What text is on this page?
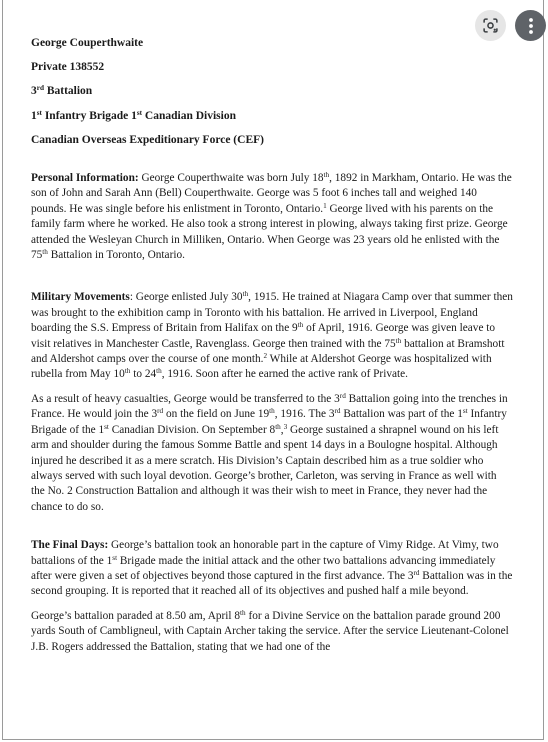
George Couperthwaite

Private 138552

3rd Battalion

1st Infantry Brigade 1st Canadian Division

Canadian Overseas Expeditionary Force (CEF)

Personal Information: George Couperthwaite was born July 18th, 1892 in Markham, Ontario. He was the son of John and Sarah Ann (Bell) Couperthwaite. George was 5 foot 6 inches tall and weighed 140 pounds. He was single before his enlistment in Toronto, Ontario.$^1$ George lived with his parents on the family farm where he worked. He also took a strong interest in plowing, always taking first prize. George attended the Wesleyan Church in Milliken, Ontario. When George was 23 years old he enlisted with the 75th Battalion in Toronto, Ontario.

Military Movements: George enlisted July 30th, 1915. He trained at Niagara Camp over that summer then was brought to the exhibition camp in Toronto with his battalion. He arrived in Liverpool, England boarding the S.S. Empress of Britain from Halifax on the 9th of April, 1916. George was given leave to visit relatives in Manchester Castle, Ravenglass. George then trained with the 75th battalion at Bramshott and Aldershot camps over the course of one month.$^2$ While at Aldershot George was hospitalized with rubella from May 10th to 24th, 1916. Soon after he earned the active rank of Private.

As a result of heavy casualties, George would be transferred to the 3rd Battalion going into the trenches in France. He would join the 3rd on the field on June 19th, 1916. The 3rd Battalion was part of the 1st Infantry Brigade of the 1st Canadian Division. On September 8th,$^3$ George sustained a shrapnel wound on his left arm and shoulder during the famous Somme Battle and spent 14 days in a Boulogne hospital. Although injured he described it as a mere scratch. His Division’s Captain described him as a true soldier who always served with such loyal devotion. George’s brother, Carleton, was serving in France as well with the No. 2 Construction Battalion and although it was their wish to meet in France, they never had the chance to do so.

The Final Days: George’s battalion took an honorable part in the capture of Vimy Ridge. At Vimy, two battalions of the 1st Brigade made the initial attack and the other two battalions advancing immediately after were given a set of objectives beyond those captured in the first advance. The 3rd Battalion was in the second grouping. It is reported that it reached all of its objectives and pushed half a mile beyond.

George’s battalion paraded at 8.50 am, April 8th for a Divine Service on the battalion parade ground 200 yards South of Cambligneul, with Captain Archer taking the service. After the service Lieutenant-Colonel J.B. Rogers addressed the Battalion, stating that we had one of the
